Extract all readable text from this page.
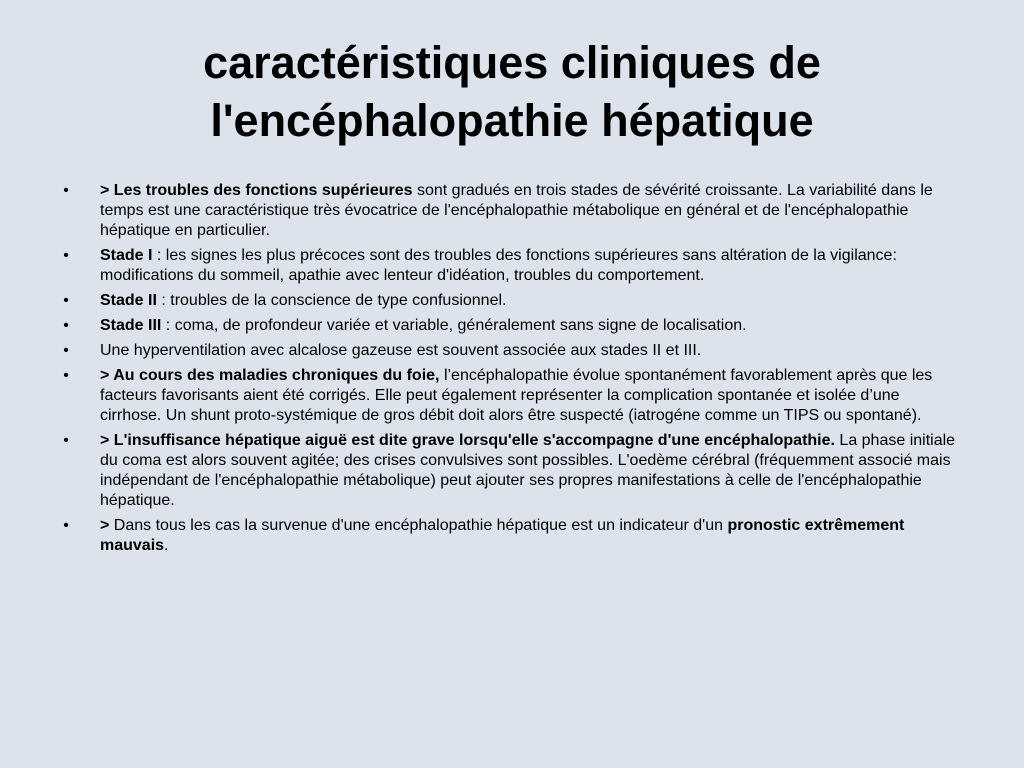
caractéristiques cliniques de
l'encéphalopathie hépatique
• > Les troubles des fonctions supérieures sont gradués en trois stades de sévérité croissante. La variabilité dans le temps est une caractéristique très évocatrice de l'encéphalopathie métabolique en général et de l'encéphalopathie hépatique en particulier.
• Stade I : les signes les plus précoces sont des troubles des fonctions supérieures sans altération de la vigilance: modifications du sommeil, apathie avec lenteur d'idéation, troubles du comportement.
• Stade II : troubles de la conscience de type confusionnel.
• Stade III : coma, de profondeur variée et variable, généralement sans signe de localisation.
• Une hyperventilation avec alcalose gazeuse est souvent associée aux stades II et III.
• > Au cours des maladies chroniques du foie, l’encéphalopathie évolue spontanément favorablement après que les facteurs favorisants aient été corrigés. Elle peut également représenter la complication spontanée et isolée d’une cirrhose. Un shunt proto-systémique de gros débit doit alors être suspecté (iatrogéne comme un TIPS ou spontané).
• > L'insuffisance hépatique aiguë est dite grave lorsqu'elle s'accompagne d'une encéphalopathie. La phase initiale du coma est alors souvent agitée; des crises convulsives sont possibles. L'oedème cérébral (fréquemment associé mais indépendant de l'encéphalopathie métabolique) peut ajouter ses propres manifestations à celle de l'encéphalopathie hépatique.
• > Dans tous les cas la survenue d'une encéphalopathie hépatique est un indicateur d'un pronostic extrêmement mauvais.
